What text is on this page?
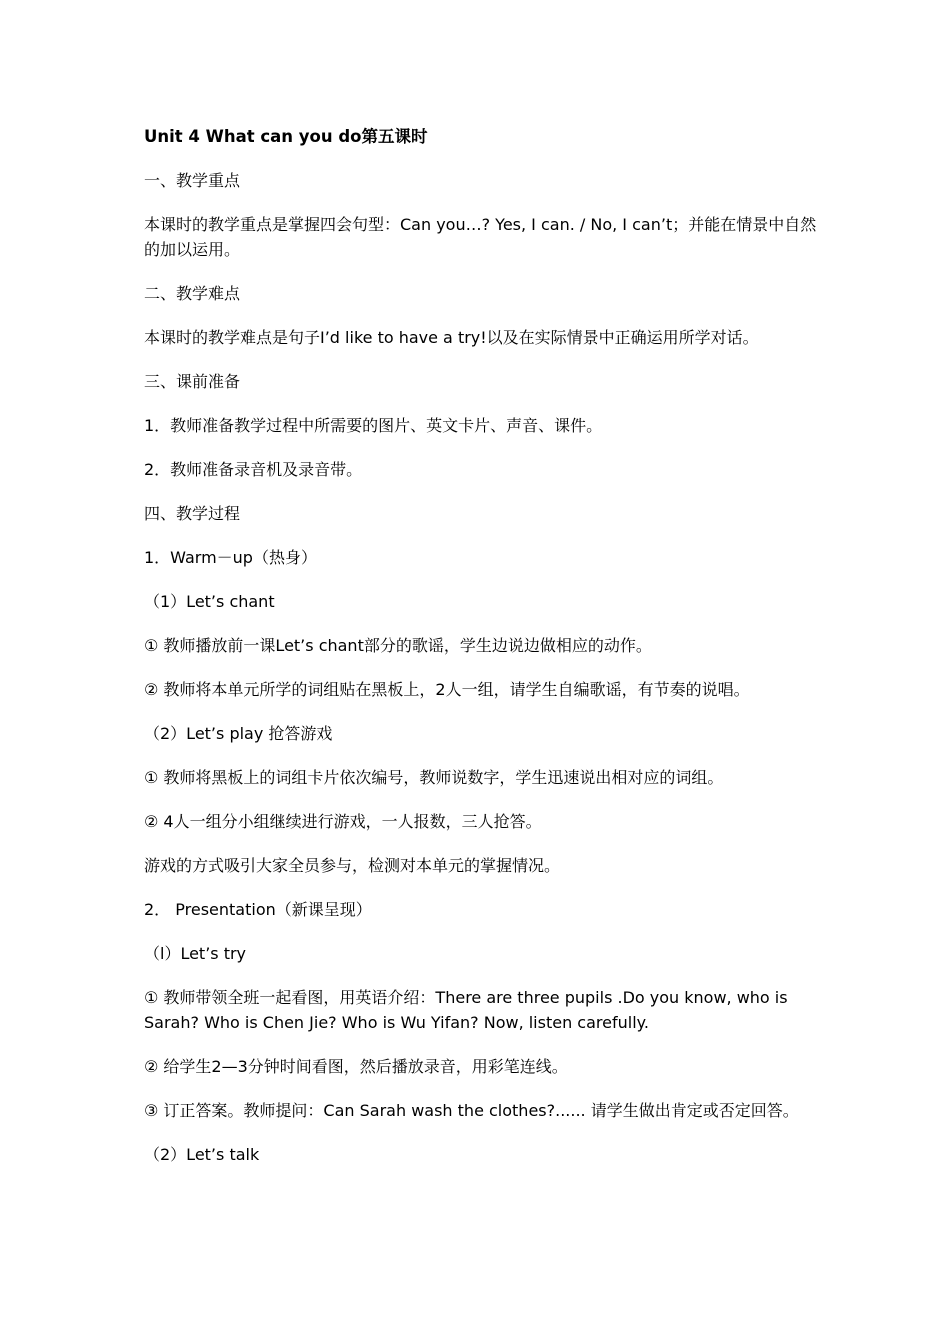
Unit 4 What can you do第五课时

一、教学重点

本课时的教学重点是掌握四会句型：Can you…? Yes, I can. / No, I can’t；并能在情景中自然的加以运用。

二、教学难点

本课时的教学难点是句子I’d like to have a try!以及在实际情景中正确运用所学对话。

三、课前准备

1．教师准备教学过程中所需要的图片、英文卡片、声音、课件。

2．教师准备录音机及录音带。

四、教学过程

1．Warm－up（热身）

（1）Let’s chant

① 教师播放前一课Let’s chant部分的歌谣，学生边说边做相应的动作。

② 教师将本单元所学的词组贴在黑板上，2人一组，请学生自编歌谣，有节奏的说唱。

（2）Let’s play 抢答游戏

① 教师将黑板上的词组卡片依次编号，教师说数字，学生迅速说出相对应的词组。

② 4人一组分小组继续进行游戏，一人报数，三人抢答。

游戏的方式吸引大家全员参与，检测对本单元的掌握情况。

2． Presentation（新课呈现）

（l）Let’s try

① 教师带领全班一起看图，用英语介绍：There are three pupils .Do you know, who is Sarah? Who is Chen Jie? Who is Wu Yifan? Now, listen carefully.

② 给学生2—3分钟时间看图，然后播放录音，用彩笔连线。

③ 订正答案。教师提问：Can Sarah wash the clothes?...... 请学生做出肯定或否定回答。

（2）Let’s talk
